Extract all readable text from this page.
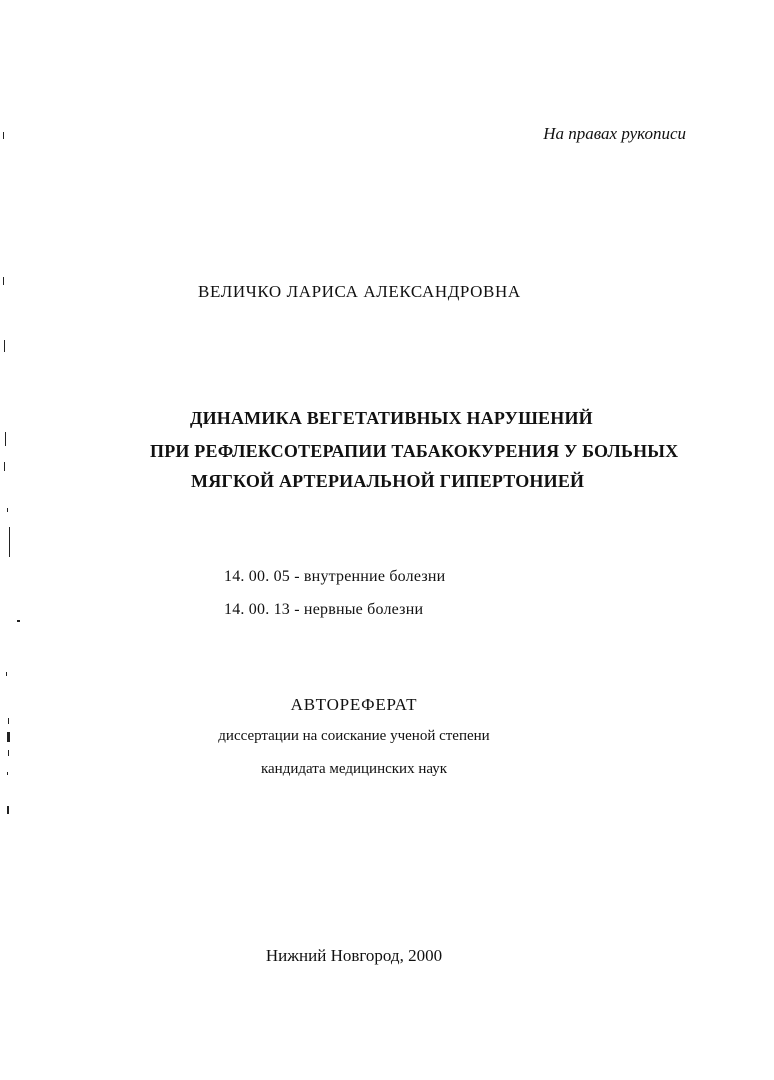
На правах рукописи
ВЕЛИЧКО ЛАРИСА АЛЕКСАНДРОВНА
ДИНАМИКА ВЕГЕТАТИВНЫХ НАРУШЕНИЙ
ПРИ РЕФЛЕКСОТЕРАПИИ ТАБАКОКУРЕНИЯ У БОЛЬНЫХ
МЯГКОЙ АРТЕРИАЛЬНОЙ ГИПЕРТОНИЕЙ
14. 00. 05 - внутренние болезни
14. 00. 13 - нервные болезни
АВТОРЕФЕРАТ
диссертации на соискание ученой степени
кандидата медицинских наук
Нижний Новгород, 2000
